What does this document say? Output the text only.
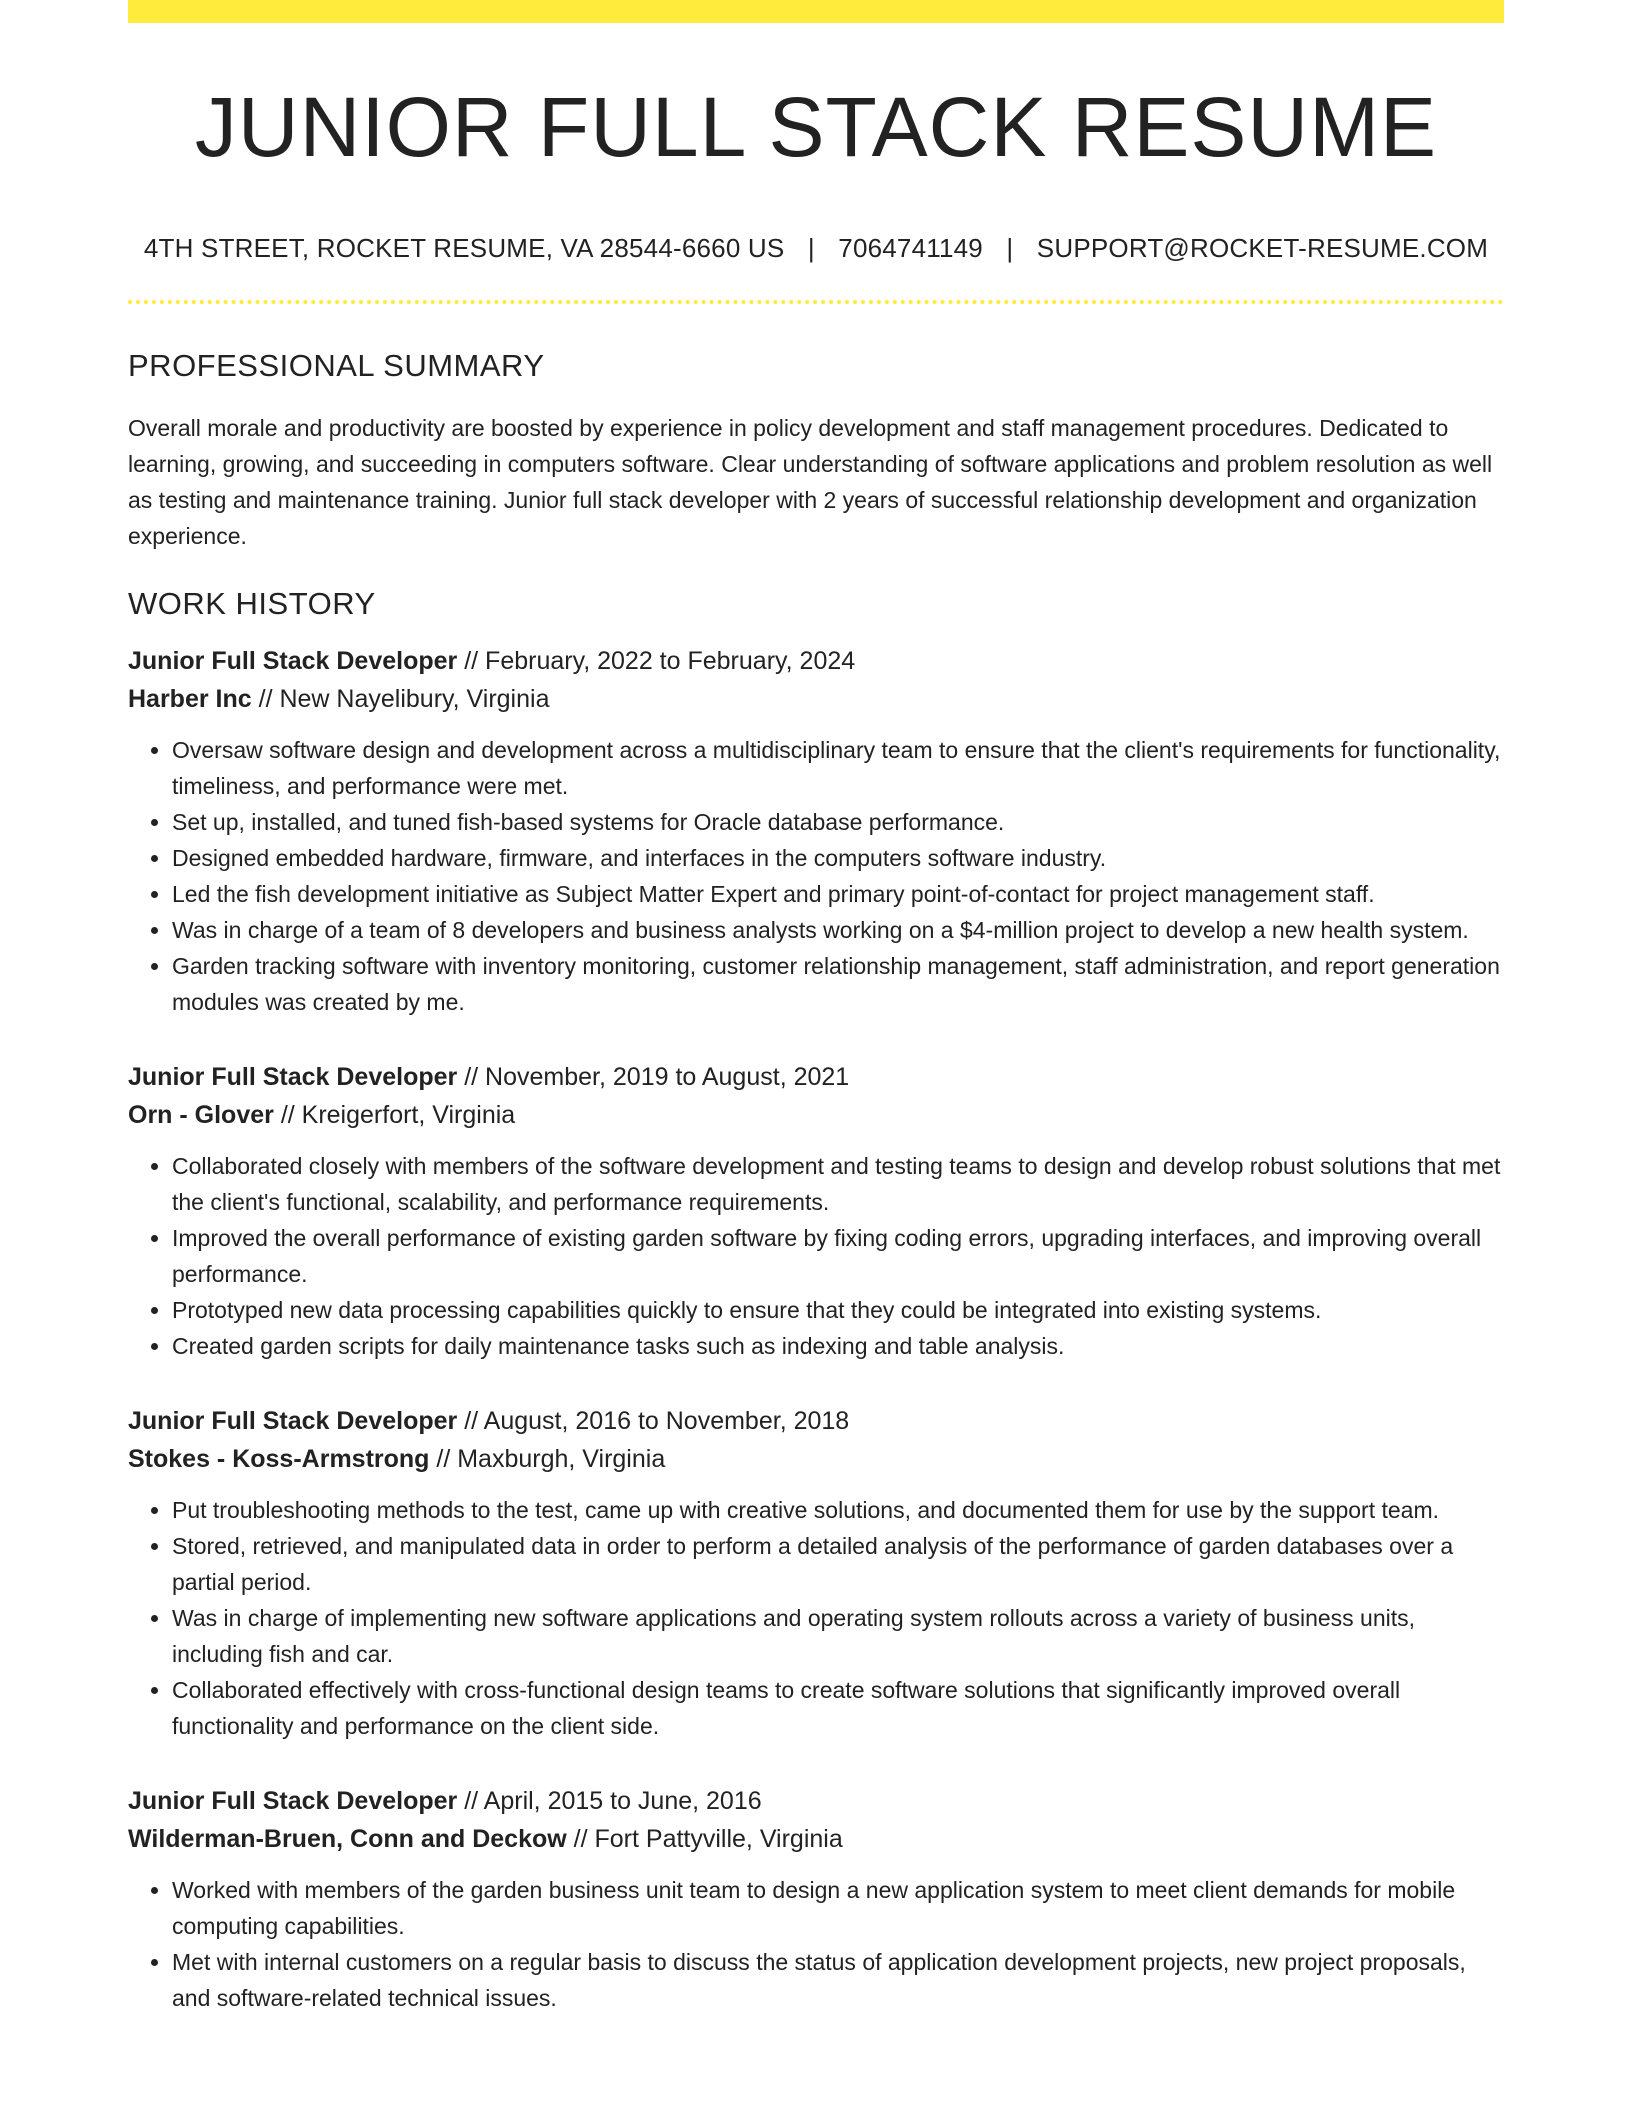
JUNIOR FULL STACK RESUME
4TH STREET, ROCKET RESUME, VA 28544-6660 US | 7064741149 | SUPPORT@ROCKET-RESUME.COM
PROFESSIONAL SUMMARY

Overall morale and productivity are boosted by experience in policy development and staff management procedures. Dedicated to learning, growing, and succeeding in computers software. Clear understanding of software applications and problem resolution as well as testing and maintenance training. Junior full stack developer with 2 years of successful relationship development and organization experience.

WORK HISTORY
Junior Full Stack Developer // February, 2022 to February, 2024
Harber Inc // New Nayelibury, Virginia
• Oversaw software design and development across a multidisciplinary team to ensure that the client's requirements for functionality, timeliness, and performance were met.
• Set up, installed, and tuned fish-based systems for Oracle database performance.
• Designed embedded hardware, firmware, and interfaces in the computers software industry.
• Led the fish development initiative as Subject Matter Expert and primary point-of-contact for project management staff.
• Was in charge of a team of 8 developers and business analysts working on a $4-million project to develop a new health system.
• Garden tracking software with inventory monitoring, customer relationship management, staff administration, and report generation modules was created by me.
Junior Full Stack Developer // November, 2019 to August, 2021
Orn - Glover // Kreigerfort, Virginia
• Collaborated closely with members of the software development and testing teams to design and develop robust solutions that met the client's functional, scalability, and performance requirements.
• Improved the overall performance of existing garden software by fixing coding errors, upgrading interfaces, and improving overall performance.
• Prototyped new data processing capabilities quickly to ensure that they could be integrated into existing systems.
• Created garden scripts for daily maintenance tasks such as indexing and table analysis.
Junior Full Stack Developer // August, 2016 to November, 2018
Stokes - Koss-Armstrong // Maxburgh, Virginia
• Put troubleshooting methods to the test, came up with creative solutions, and documented them for use by the support team.
• Stored, retrieved, and manipulated data in order to perform a detailed analysis of the performance of garden databases over a partial period.
• Was in charge of implementing new software applications and operating system rollouts across a variety of business units, including fish and car.
• Collaborated effectively with cross-functional design teams to create software solutions that significantly improved overall functionality and performance on the client side.
Junior Full Stack Developer // April, 2015 to June, 2016
Wilderman-Bruen, Conn and Deckow // Fort Pattyville, Virginia
• Worked with members of the garden business unit team to design a new application system to meet client demands for mobile computing capabilities.
• Met with internal customers on a regular basis to discuss the status of application development projects, new project proposals, and software-related technical issues.
